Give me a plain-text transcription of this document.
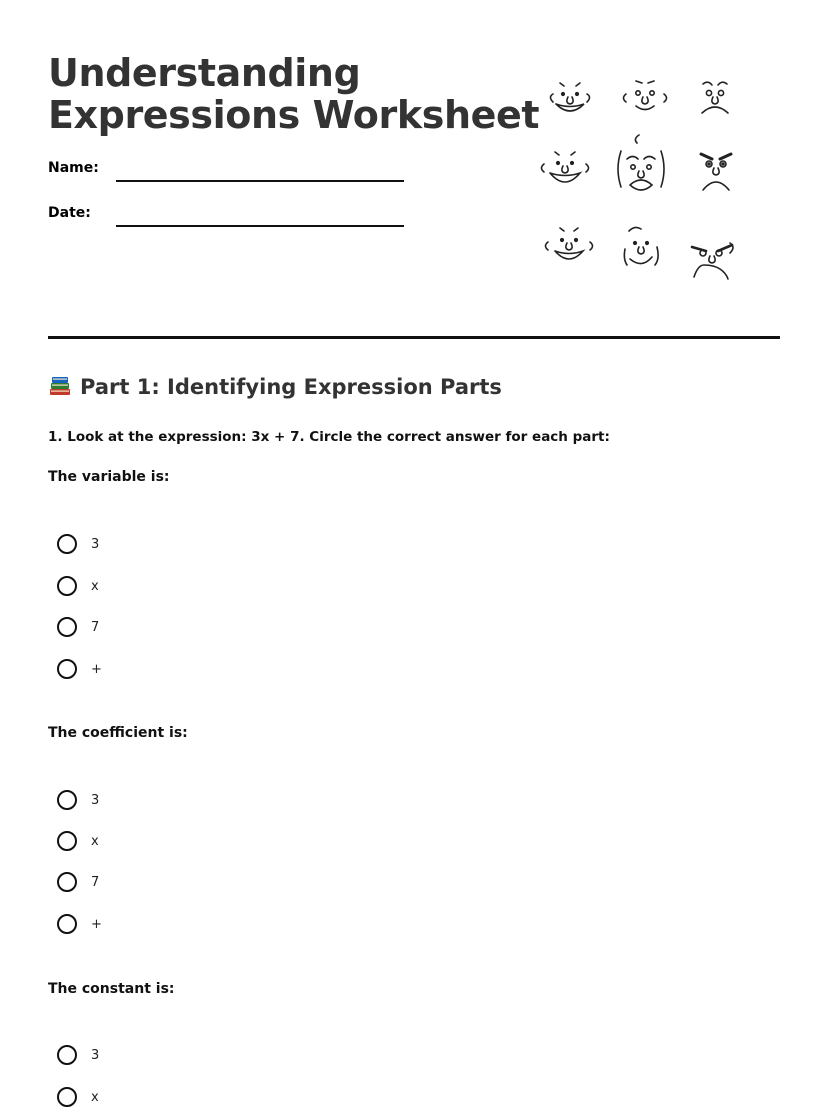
Understanding
Expressions Worksheet
Name:
Date:
Part 1: Identifying Expression Parts

1. Look at the expression: 3x + 7. Circle the correct answer for each part:

The variable is:

3
x
7
+

The coefficient is:

3
x
7
+

The constant is:

3
x
